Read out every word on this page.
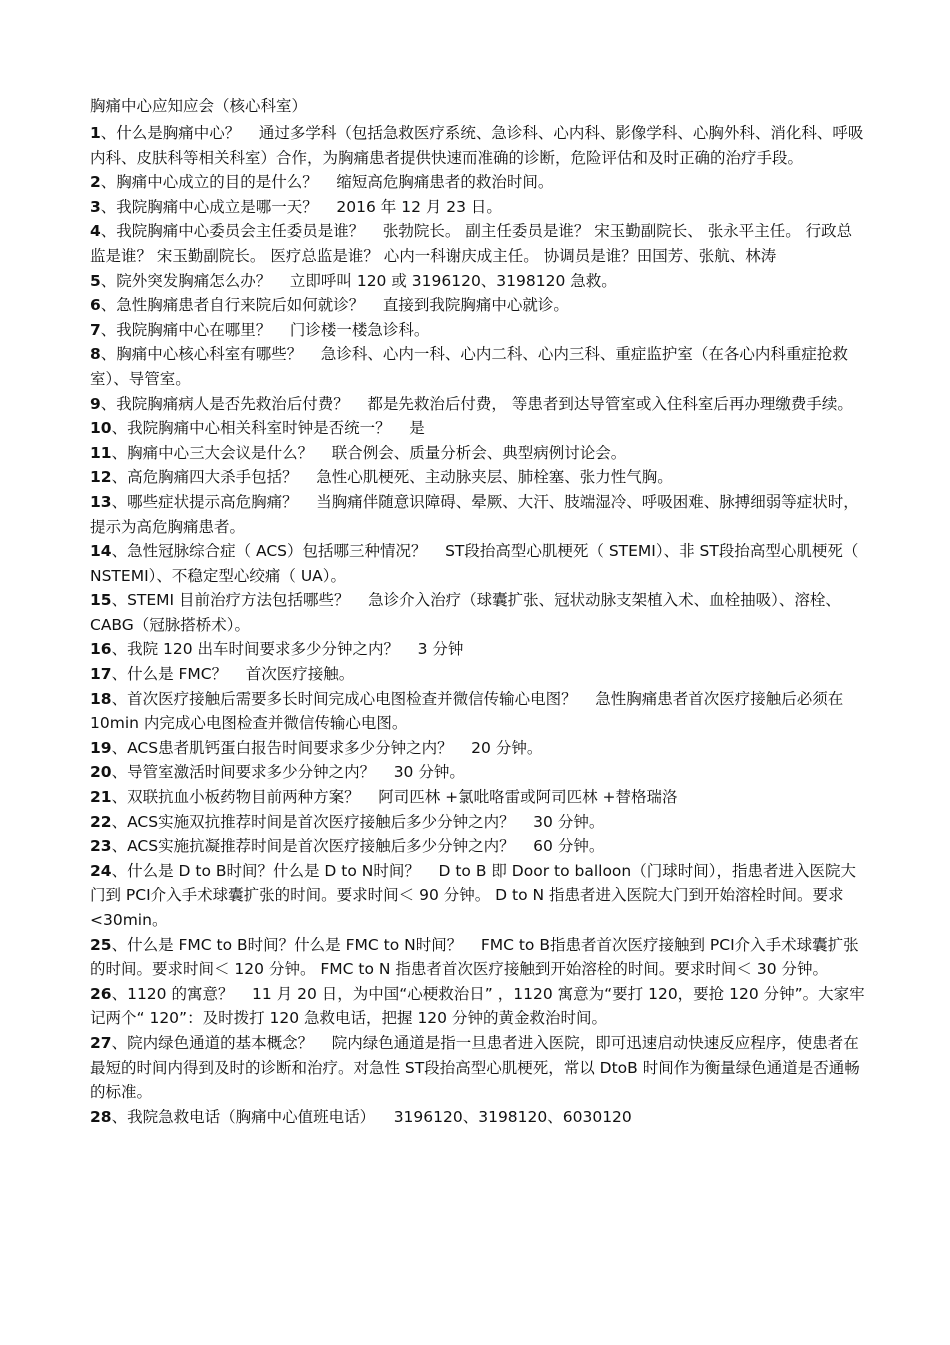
胸痛中心应知应会（核心科室）

1、什么是胸痛中心？ 通过多学科（包括急救医疗系统、急诊科、心内科、影像学科、心胸外科、消化科、呼吸内科、皮肤科等相关科室）合作，为胸痛患者提供快速而准确的诊断，危险评估和及时正确的治疗手段。

2、胸痛中心成立的目的是什么？ 缩短高危胸痛患者的救治时间。

3、我院胸痛中心成立是哪一天？ 2016 年 12 月 23 日。

4、我院胸痛中心委员会主任委员是谁？ 张勃院长。 副主任委员是谁？ 宋玉勤副院长、 张永平主任。 行政总监是谁？ 宋玉勤副院长。 医疗总监是谁？ 心内一科谢庆成主任。 协调员是谁？田国芳、张航、林涛

5、院外突发胸痛怎么办？ 立即呼叫 120 或 3196120、3198120 急救。

6、急性胸痛患者自行来院后如何就诊？ 直接到我院胸痛中心就诊。

7、我院胸痛中心在哪里？ 门诊楼一楼急诊科。

8、胸痛中心核心科室有哪些？ 急诊科、心内一科、心内二科、心内三科、重症监护室（在各心内科重症抢救室）、导管室。

9、我院胸痛病人是否先救治后付费？ 都是先救治后付费， 等患者到达导管室或入住科室后再办理缴费手续。

10、我院胸痛中心相关科室时钟是否统一？ 是

11、胸痛中心三大会议是什么？ 联合例会、质量分析会、典型病例讨论会。

12、高危胸痛四大杀手包括？ 急性心肌梗死、主动脉夹层、肺栓塞、张力性气胸。

13、哪些症状提示高危胸痛？ 当胸痛伴随意识障碍、晕厥、大汗、肢端湿冷、呼吸困难、脉搏细弱等症状时，提示为高危胸痛患者。

14、急性冠脉综合症（ ACS）包括哪三种情况？ ST段抬高型心肌梗死（ STEMI）、非 ST段抬高型心肌梗死（ NSTEMI）、不稳定型心绞痛（ UA）。

15、STEMI 目前治疗方法包括哪些？ 急诊介入治疗（球囊扩张、冠状动脉支架植入术、血栓抽吸）、溶栓、 CABG（冠脉搭桥术）。

16、我院 120 出车时间要求多少分钟之内？ 3 分钟

17、什么是 FMC？ 首次医疗接触。

18、首次医疗接触后需要多长时间完成心电图检查并微信传输心电图？ 急性胸痛患者首次医疗接触后必须在 10min 内完成心电图检查并微信传输心电图。

19、ACS患者肌钙蛋白报告时间要求多少分钟之内？ 20 分钟。

20、导管室激活时间要求多少分钟之内？ 30 分钟。

21、双联抗血小板药物目前两种方案？ 阿司匹林 +氯吡咯雷或阿司匹林 +替格瑞洛

22、ACS实施双抗推荐时间是首次医疗接触后多少分钟之内？ 30 分钟。

23、ACS实施抗凝推荐时间是首次医疗接触后多少分钟之内？ 60 分钟。

24、什么是 D to B时间？什么是 D to N时间？ D to B 即 Door to balloon（门球时间），指患者进入医院大门到 PCI介入手术球囊扩张的时间。要求时间＜ 90 分钟。 D to N 指患者进入医院大门到开始溶栓时间。要求 <30min。

25、什么是 FMC to B时间？什么是 FMC to N时间？ FMC to B指患者首次医疗接触到 PCI介入手术球囊扩张的时间。要求时间＜ 120 分钟。 FMC to N 指患者首次医疗接触到开始溶栓的时间。要求时间＜ 30 分钟。

26、1120 的寓意？ 11 月 20 日，为中国“心梗救治日” ，1120 寓意为“要打 120，要抢 120 分钟”。大家牢记两个“ 120”：及时拨打 120 急救电话，把握 120 分钟的黄金救治时间。

27、院内绿色通道的基本概念？ 院内绿色通道是指一旦患者进入医院，即可迅速启动快速反应程序，使患者在最短的时间内得到及时的诊断和治疗。对急性 ST段抬高型心肌梗死，常以 DtoB 时间作为衡量绿色通道是否通畅的标准。

28、我院急救电话（胸痛中心值班电话） 3196120、3198120、6030120
